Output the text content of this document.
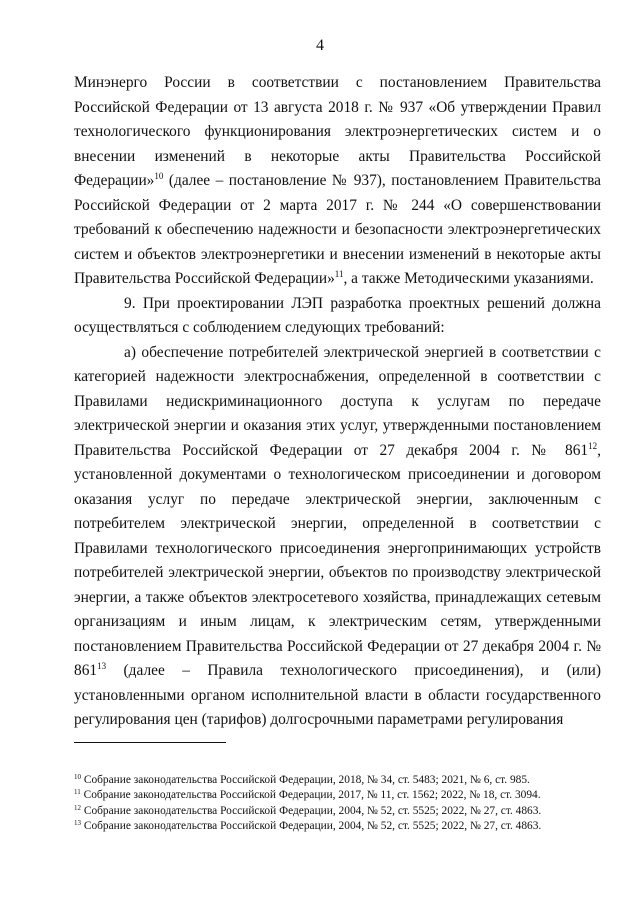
4

Минэнерго России в соответствии с постановлением Правительства Российской Федерации от 13 августа 2018 г. № 937 «Об утверждении Правил технологического функционирования электроэнергетических систем и о внесении изменений в некоторые акты Правительства Российской Федерации»$^{10}$ (далее – постановление № 937), постановлением Правительства Российской Федерации от 2 марта 2017 г. № 244 «О совершенствовании требований к обеспечению надежности и безопасности электроэнергетических систем и объектов электроэнергетики и внесении изменений в некоторые акты Правительства Российской Федерации»$^{11}$, а также Методическими указаниями.

9. При проектировании ЛЭП разработка проектных решений должна осуществляться с соблюдением следующих требований:

а) обеспечение потребителей электрической энергией в соответствии с категорией надежности электроснабжения, определенной в соответствии с Правилами недискриминационного доступа к услугам по передаче электрической энергии и оказания этих услуг, утвержденными постановлением Правительства Российской Федерации от 27 декабря 2004 г. № $861^{12}$, установленной документами о технологическом присоединении и договором оказания услуг по передаче электрической энергии, заключенным с потребителем электрической энергии, определенной в соответствии с Правилами технологического присоединения энергопринимающих устройств потребителей электрической энергии, объектов по производству электрической энергии, а также объектов электросетевого хозяйства, принадлежащих сетевым организациям и иным лицам, к электрическим сетям, утвержденными постановлением Правительства Российской Федерации от 27 декабря 2004 г. № $861^{13}$ (далее – Правила технологического присоединения), и (или) установленными органом исполнительной власти в области государственного регулирования цен (тарифов) долгосрочными параметрами регулирования

$^{10}$ Собрание законодательства Российской Федерации, 2018, № 34, ст. 5483; 2021, № 6, ст. 985.
$^{11}$ Собрание законодательства Российской Федерации, 2017, № 11, ст. 1562; 2022, № 18, ст. 3094.
$^{12}$ Собрание законодательства Российской Федерации, 2004, № 52, ст. 5525; 2022, № 27, ст. 4863.
$^{13}$ Собрание законодательства Российской Федерации, 2004, № 52, ст. 5525; 2022, № 27, ст. 4863.
